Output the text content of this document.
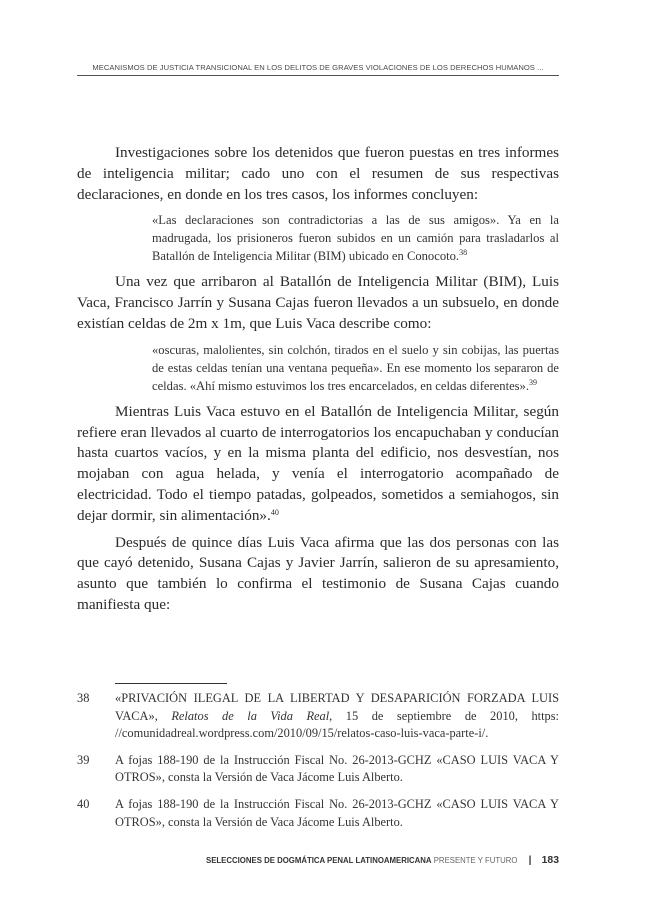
MECANISMOS DE JUSTICIA TRANSICIONAL EN LOS DELITOS DE GRAVES VIOLACIONES DE LOS DERECHOS HUMANOS ...

Investigaciones sobre los detenidos que fueron puestas en tres informes de inteligencia militar; cado uno con el resumen de sus respectivas declaraciones, en donde en los tres casos, los informes concluyen:

«Las declaraciones son contradictorias a las de sus amigos». Ya en la madrugada, los prisioneros fueron subidos en un camión para trasladarlos al Batallón de Inteligencia Militar (BIM) ubicado en Conocoto.$^{38}$

Una vez que arribaron al Batallón de Inteligencia Militar (BIM), Luis Vaca, Francisco Jarrín y Susana Cajas fueron llevados a un subsuelo, en donde existían celdas de 2m x 1m, que Luis Vaca describe como:

«oscuras, malolientes, sin colchón, tirados en el suelo y sin cobijas, las puertas de estas celdas tenían una ventana pequeña». En ese momento los separaron de celdas. «Ahí mismo estuvimos los tres encarcelados, en celdas diferentes».$^{39}$

Mientras Luis Vaca estuvo en el Batallón de Inteligencia Militar, según refiere eran llevados al cuarto de interrogatorios los encapuchaban y conducían hasta cuartos vacíos, y en la misma planta del edificio, nos desvestían, nos mojaban con agua helada, y venía el interrogatorio acompañado de electricidad. Todo el tiempo patadas, golpeados, sometidos a semiahogos, sin dejar dormir, sin alimentación».$^{40}$

Después de quince días Luis Vaca afirma que las dos personas con las que cayó detenido, Susana Cajas y Javier Jarrín, salieron de su apresamiento, asunto que también lo confirma el testimonio de Susana Cajas cuando manifiesta que:

38	«PRIVACIÓN ILEGAL DE LA LIBERTAD Y DESAPARICIÓN FORZADA LUIS VACA», Relatos de la Vida Real, 15 de septiembre de 2010, https: //comunidadreal.wordpress.com/2010/09/15/relatos-caso-luis-vaca-parte-i/.
39	A fojas 188-190 de la Instrucción Fiscal No. 26-2013-GCHZ «CASO LUIS VACA Y OTROS», consta la Versión de Vaca Jácome Luis Alberto.
40	A fojas 188-190 de la Instrucción Fiscal No. 26-2013-GCHZ «CASO LUIS VACA Y OTROS», consta la Versión de Vaca Jácome Luis Alberto.
SELECCIONES DE DOGMÁTICA PENAL LATINOAMERICANA PRESENTE Y FUTURO | 183
